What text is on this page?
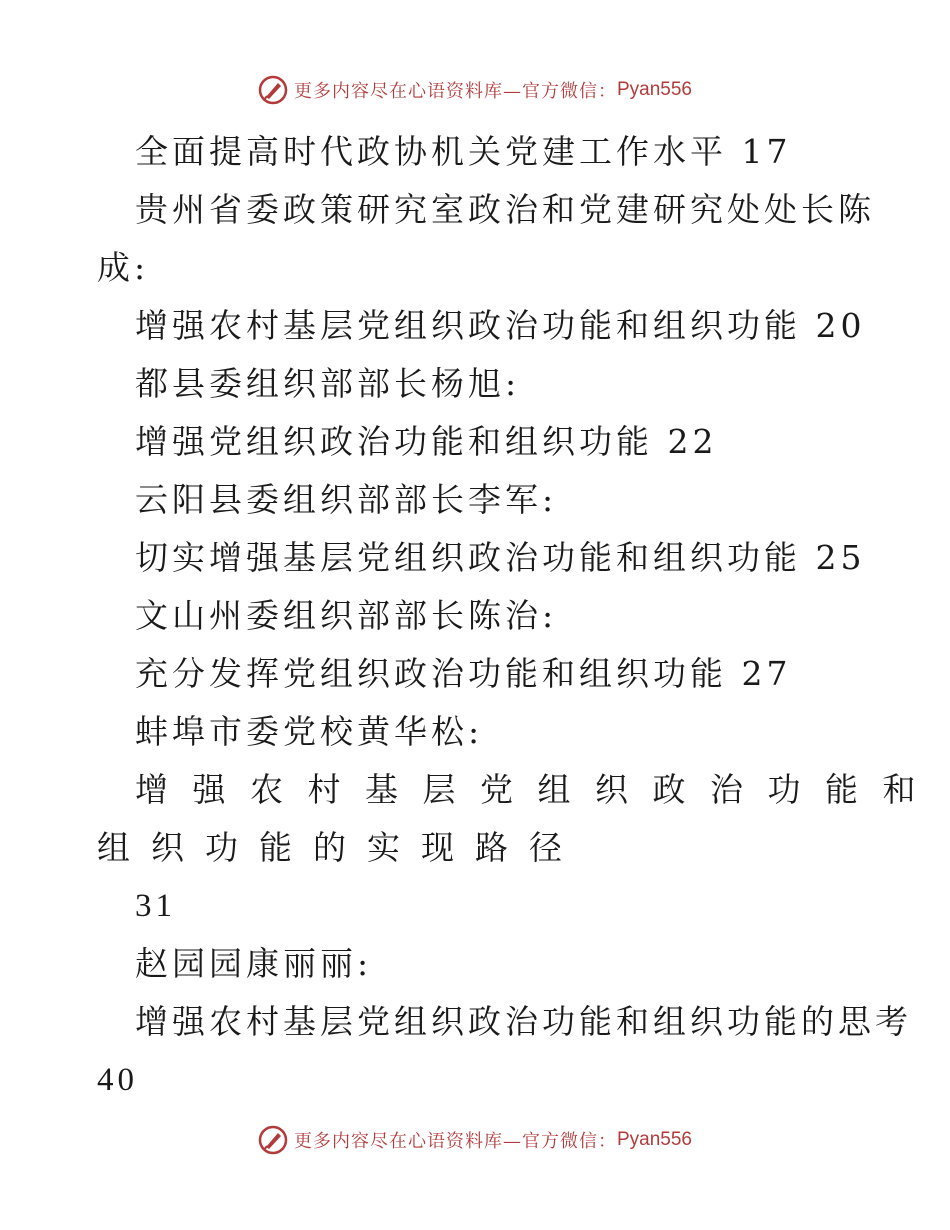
更多内容尽在心语资料库—官方微信： Pyan556
全面提高时代政协机关党建工作水平 17
贵州省委政策研究室政治和党建研究处处长陈
成:
增强农村基层党组织政治功能和组织功能 20
都县委组织部部长杨旭:
增强党组织政治功能和组织功能 22
云阳县委组织部部长李军:
切实增强基层党组织政治功能和组织功能 25
文山州委组织部部长陈治:
充分发挥党组织政治功能和组织功能 27
蚌埠市委党校黄华松:
增强农村基层党组织政治功能和
组织功能的实现路径
31
赵园园康丽丽:
增强农村基层党组织政治功能和组织功能的思考
40
更多内容尽在心语资料库—官方微信： Pyan556
